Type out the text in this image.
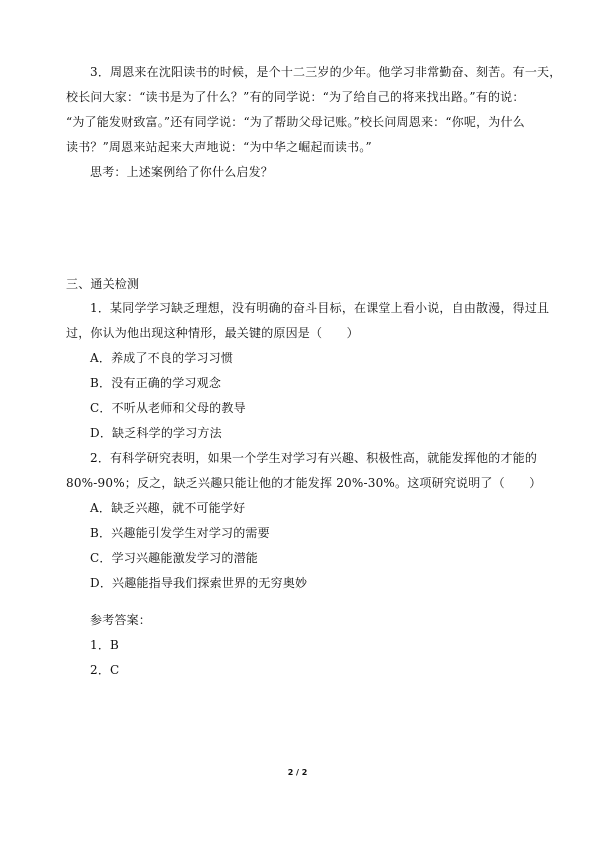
3．周恩来在沈阳读书的时候，是个十二三岁的少年。他学习非常勤奋、刻苦。有一天，
校长问大家：“读书是为了什么？”有的同学说：“为了给自己的将来找出路。”有的说：
“为了能发财致富。”还有同学说：“为了帮助父母记账。”校长问周恩来：“你呢，为什么
读书？”周恩来站起来大声地说：“为中华之崛起而读书。”
思考：上述案例给了你什么启发？
三、通关检测
1．某同学学习缺乏理想，没有明确的奋斗目标，在课堂上看小说，自由散漫，得过且
过，你认为他出现这种情形，最关键的原因是（　　）
A．养成了不良的学习习惯
B．没有正确的学习观念
C．不听从老师和父母的教导
D．缺乏科学的学习方法
2．有科学研究表明，如果一个学生对学习有兴趣、积极性高，就能发挥他的才能的
80%-90%；反之，缺乏兴趣只能让他的才能发挥 20%-30%。这项研究说明了（　　）
A．缺乏兴趣，就不可能学好
B．兴趣能引发学生对学习的需要
C．学习兴趣能激发学习的潜能
D．兴趣能指导我们探索世界的无穷奥妙
参考答案：
1．B
2．C
2 / 2
